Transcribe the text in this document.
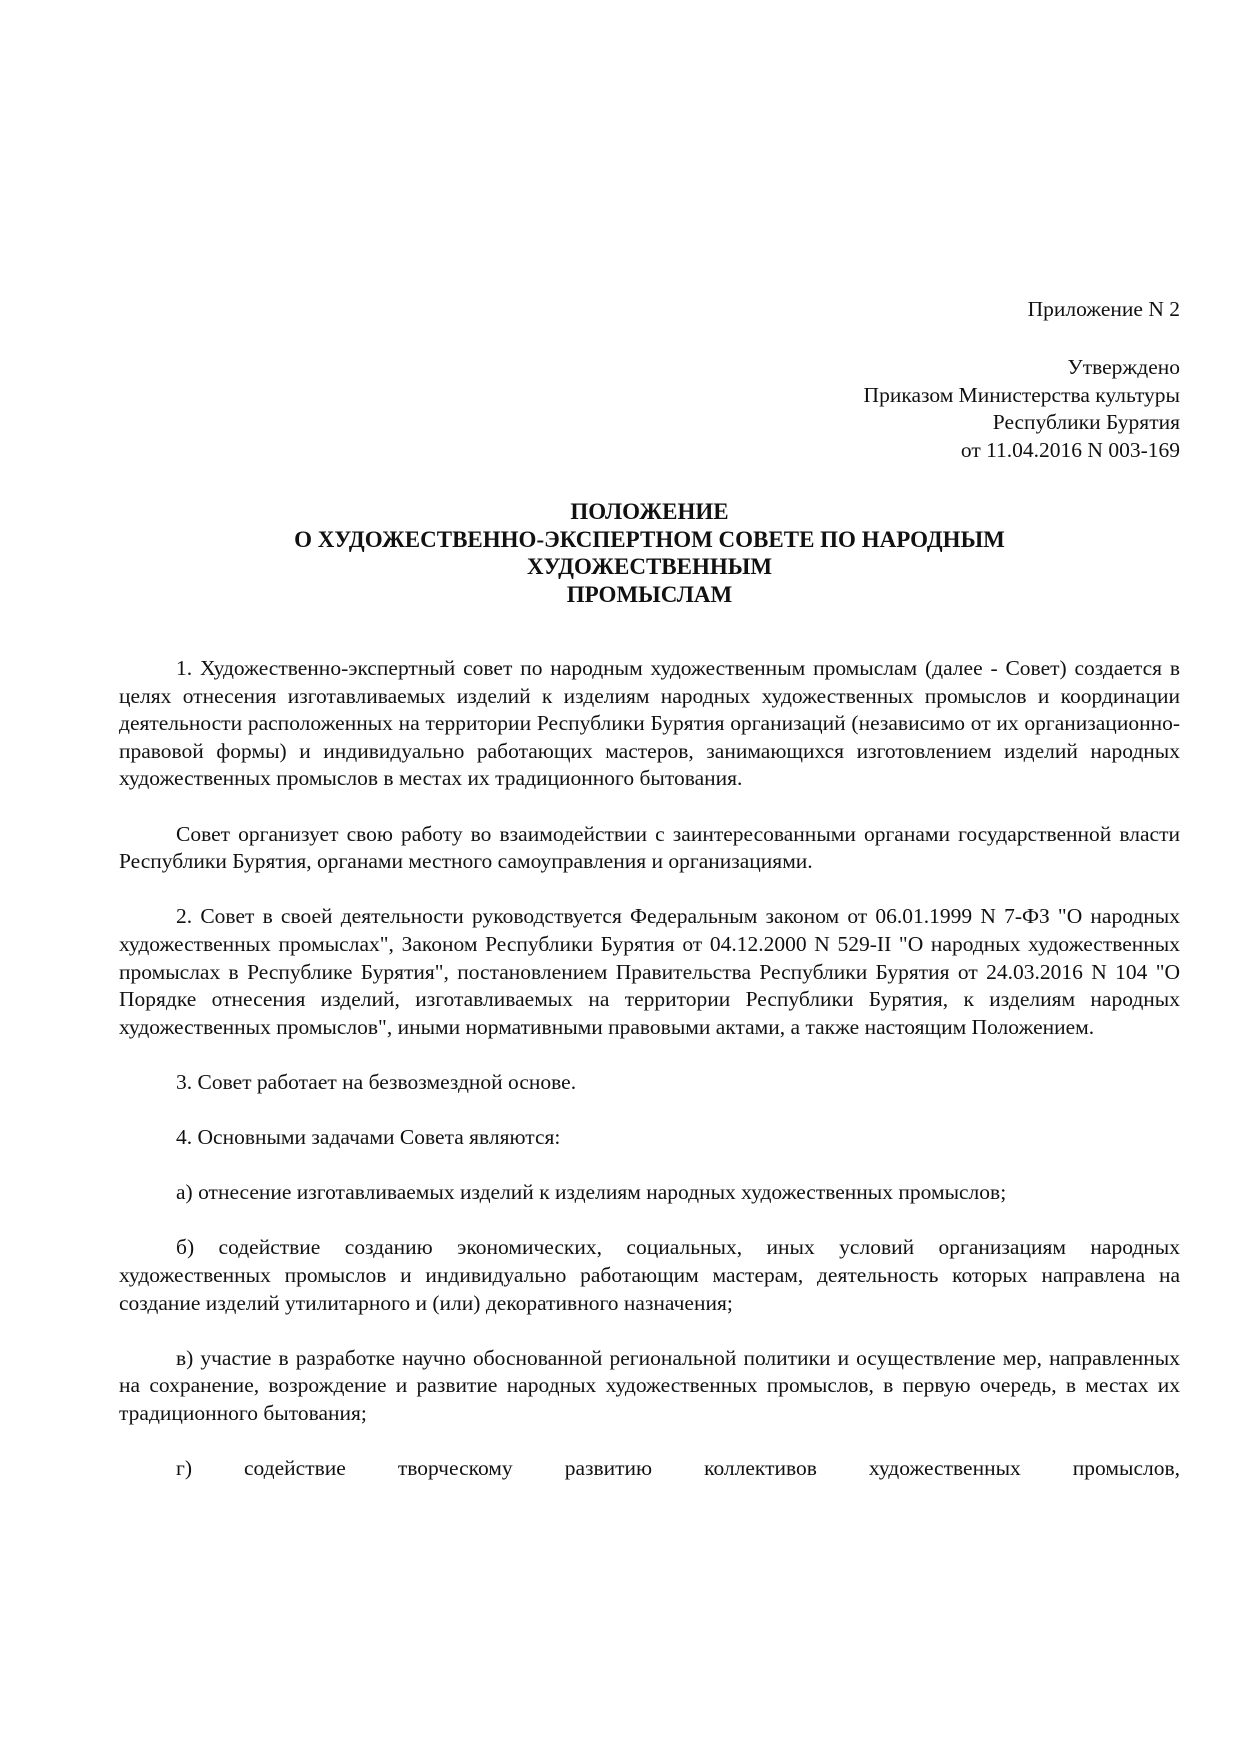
Приложение N 2
Утверждено
Приказом Министерства культуры
Республики Бурятия
от 11.04.2016 N 003-169
ПОЛОЖЕНИЕ
О ХУДОЖЕСТВЕННО-ЭКСПЕРТНОМ СОВЕТЕ ПО НАРОДНЫМ
ХУДОЖЕСТВЕННЫМ
ПРОМЫСЛАМ

1. Художественно-экспертный совет по народным художественным промыслам (далее - Совет) создается в целях отнесения изготавливаемых изделий к изделиям народных художественных промыслов и координации деятельности расположенных на территории Республики Бурятия организаций (независимо от их организационно-правовой формы) и индивидуально работающих мастеров, занимающихся изготовлением изделий народных художественных промыслов в местах их традиционного бытования.

Совет организует свою работу во взаимодействии с заинтересованными органами государственной власти Республики Бурятия, органами местного самоуправления и организациями.

2. Совет в своей деятельности руководствуется Федеральным законом от 06.01.1999 N 7-ФЗ "О народных художественных промыслах", Законом Республики Бурятия от 04.12.2000 N 529-II "О народных художественных промыслах в Республике Бурятия", постановлением Правительства Республики Бурятия от 24.03.2016 N 104 "О Порядке отнесения изделий, изготавливаемых на территории Республики Бурятия, к изделиям народных художественных промыслов", иными нормативными правовыми актами, а также настоящим Положением.

3. Совет работает на безвозмездной основе.

4. Основными задачами Совета являются:

а) отнесение изготавливаемых изделий к изделиям народных художественных промыслов;

б) содействие созданию экономических, социальных, иных условий организациям народных художественных промыслов и индивидуально работающим мастерам, деятельность которых направлена на создание изделий утилитарного и (или) декоративного назначения;

в) участие в разработке научно обоснованной региональной политики и осуществление мер, направленных на сохранение, возрождение и развитие народных художественных промыслов, в первую очередь, в местах их традиционного бытования;

г) содействие творческому развитию коллективов художественных промыслов,
